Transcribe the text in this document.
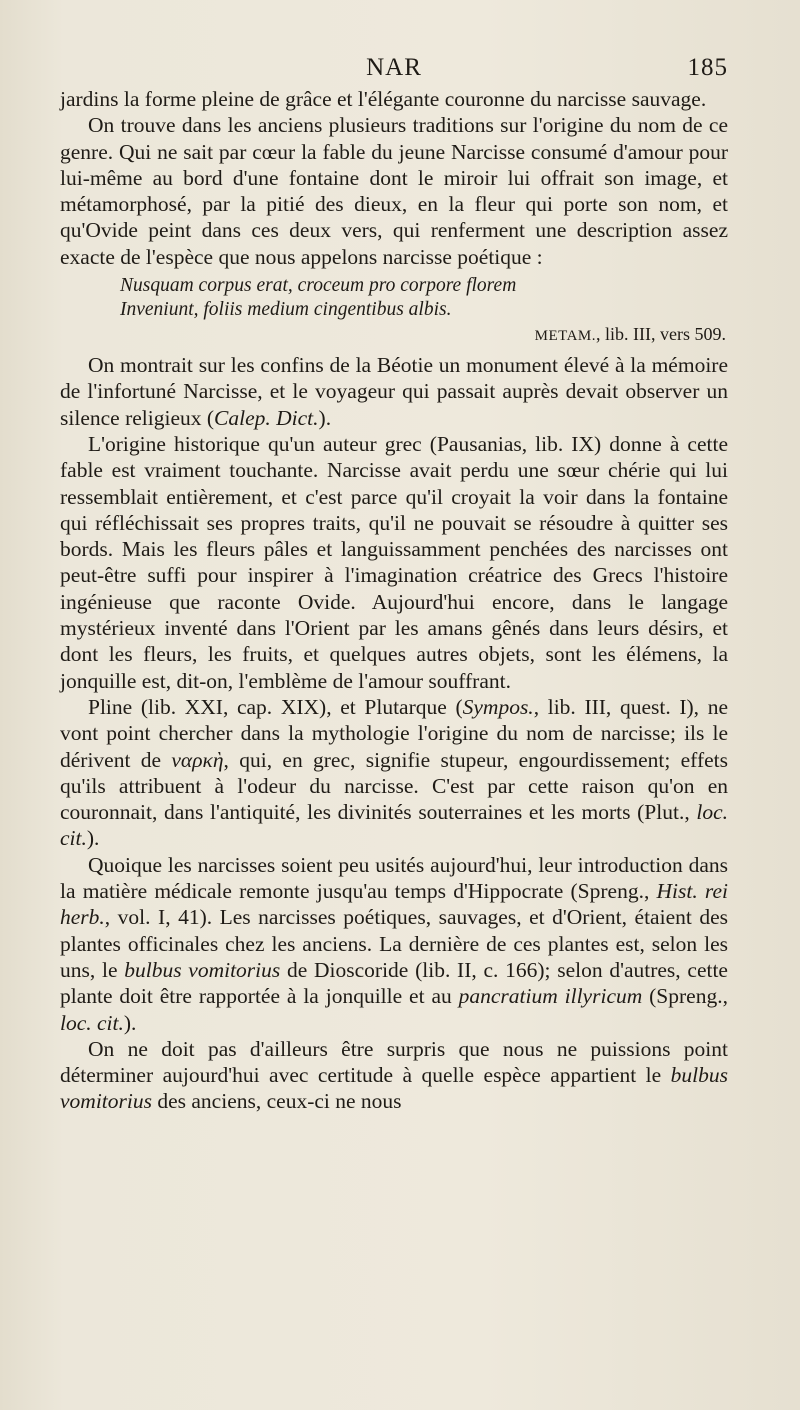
NAR	185

jardins la forme pleine de grâce et l'élégante couronne du narcisse sauvage.

On trouve dans les anciens plusieurs traditions sur l'origine du nom de ce genre. Qui ne sait par cœur la fable du jeune Narcisse consumé d'amour pour lui-même au bord d'une fontaine dont le miroir lui offrait son image, et métamorphosé, par la pitié des dieux, en la fleur qui porte son nom, et qu'Ovide peint dans ces deux vers, qui renferment une description assez exacte de l'espèce que nous appelons narcisse poétique :

Nusquam corpus erat, croceum pro corpore florem
Inveniunt, foliis medium cingentibus albis.
METAM., lib. III, vers 509.

On montrait sur les confins de la Béotie un monument élevé à la mémoire de l'infortuné Narcisse, et le voyageur qui passait auprès devait observer un silence religieux (Calep. Dict.).

L'origine historique qu'un auteur grec (Pausanias, lib. IX) donne à cette fable est vraiment touchante. Narcisse avait perdu une sœur chérie qui lui ressemblait entièrement, et c'est parce qu'il croyait la voir dans la fontaine qui réfléchissait ses propres traits, qu'il ne pouvait se résoudre à quitter ses bords. Mais les fleurs pâles et languissamment penchées des narcisses ont peut-être suffi pour inspirer à l'imagination créatrice des Grecs l'histoire ingénieuse que raconte Ovide. Aujourd'hui encore, dans le langage mystérieux inventé dans l'Orient par les amans gênés dans leurs désirs, et dont les fleurs, les fruits, et quelques autres objets, sont les élémens, la jonquille est, dit-on, l'emblème de l'amour souffrant.

Pline (lib. XXI, cap. XIX), et Plutarque (Sympos., lib. III, quest. I), ne vont point chercher dans la mythologie l'origine du nom de narcisse; ils le dérivent de ναρκὴ, qui, en grec, signifie stupeur, engourdissement; effets qu'ils attribuent à l'odeur du narcisse. C'est par cette raison qu'on en couronnait, dans l'antiquité, les divinités souterraines et les morts (Plut., loc. cit.).

Quoique les narcisses soient peu usités aujourd'hui, leur introduction dans la matière médicale remonte jusqu'au temps d'Hippocrate (Spreng., Hist. rei herb., vol. I, 41). Les narcisses poétiques, sauvages, et d'Orient, étaient des plantes officinales chez les anciens. La dernière de ces plantes est, selon les uns, le bulbus vomitorius de Dioscoride (lib. II, c. 166); selon d'autres, cette plante doit être rapportée à la jonquille et au pancratium illyricum (Spreng., loc. cit.).

On ne doit pas d'ailleurs être surpris que nous ne puissions point déterminer aujourd'hui avec certitude à quelle espèce appartient le bulbus vomitorius des anciens, ceux-ci ne nous
